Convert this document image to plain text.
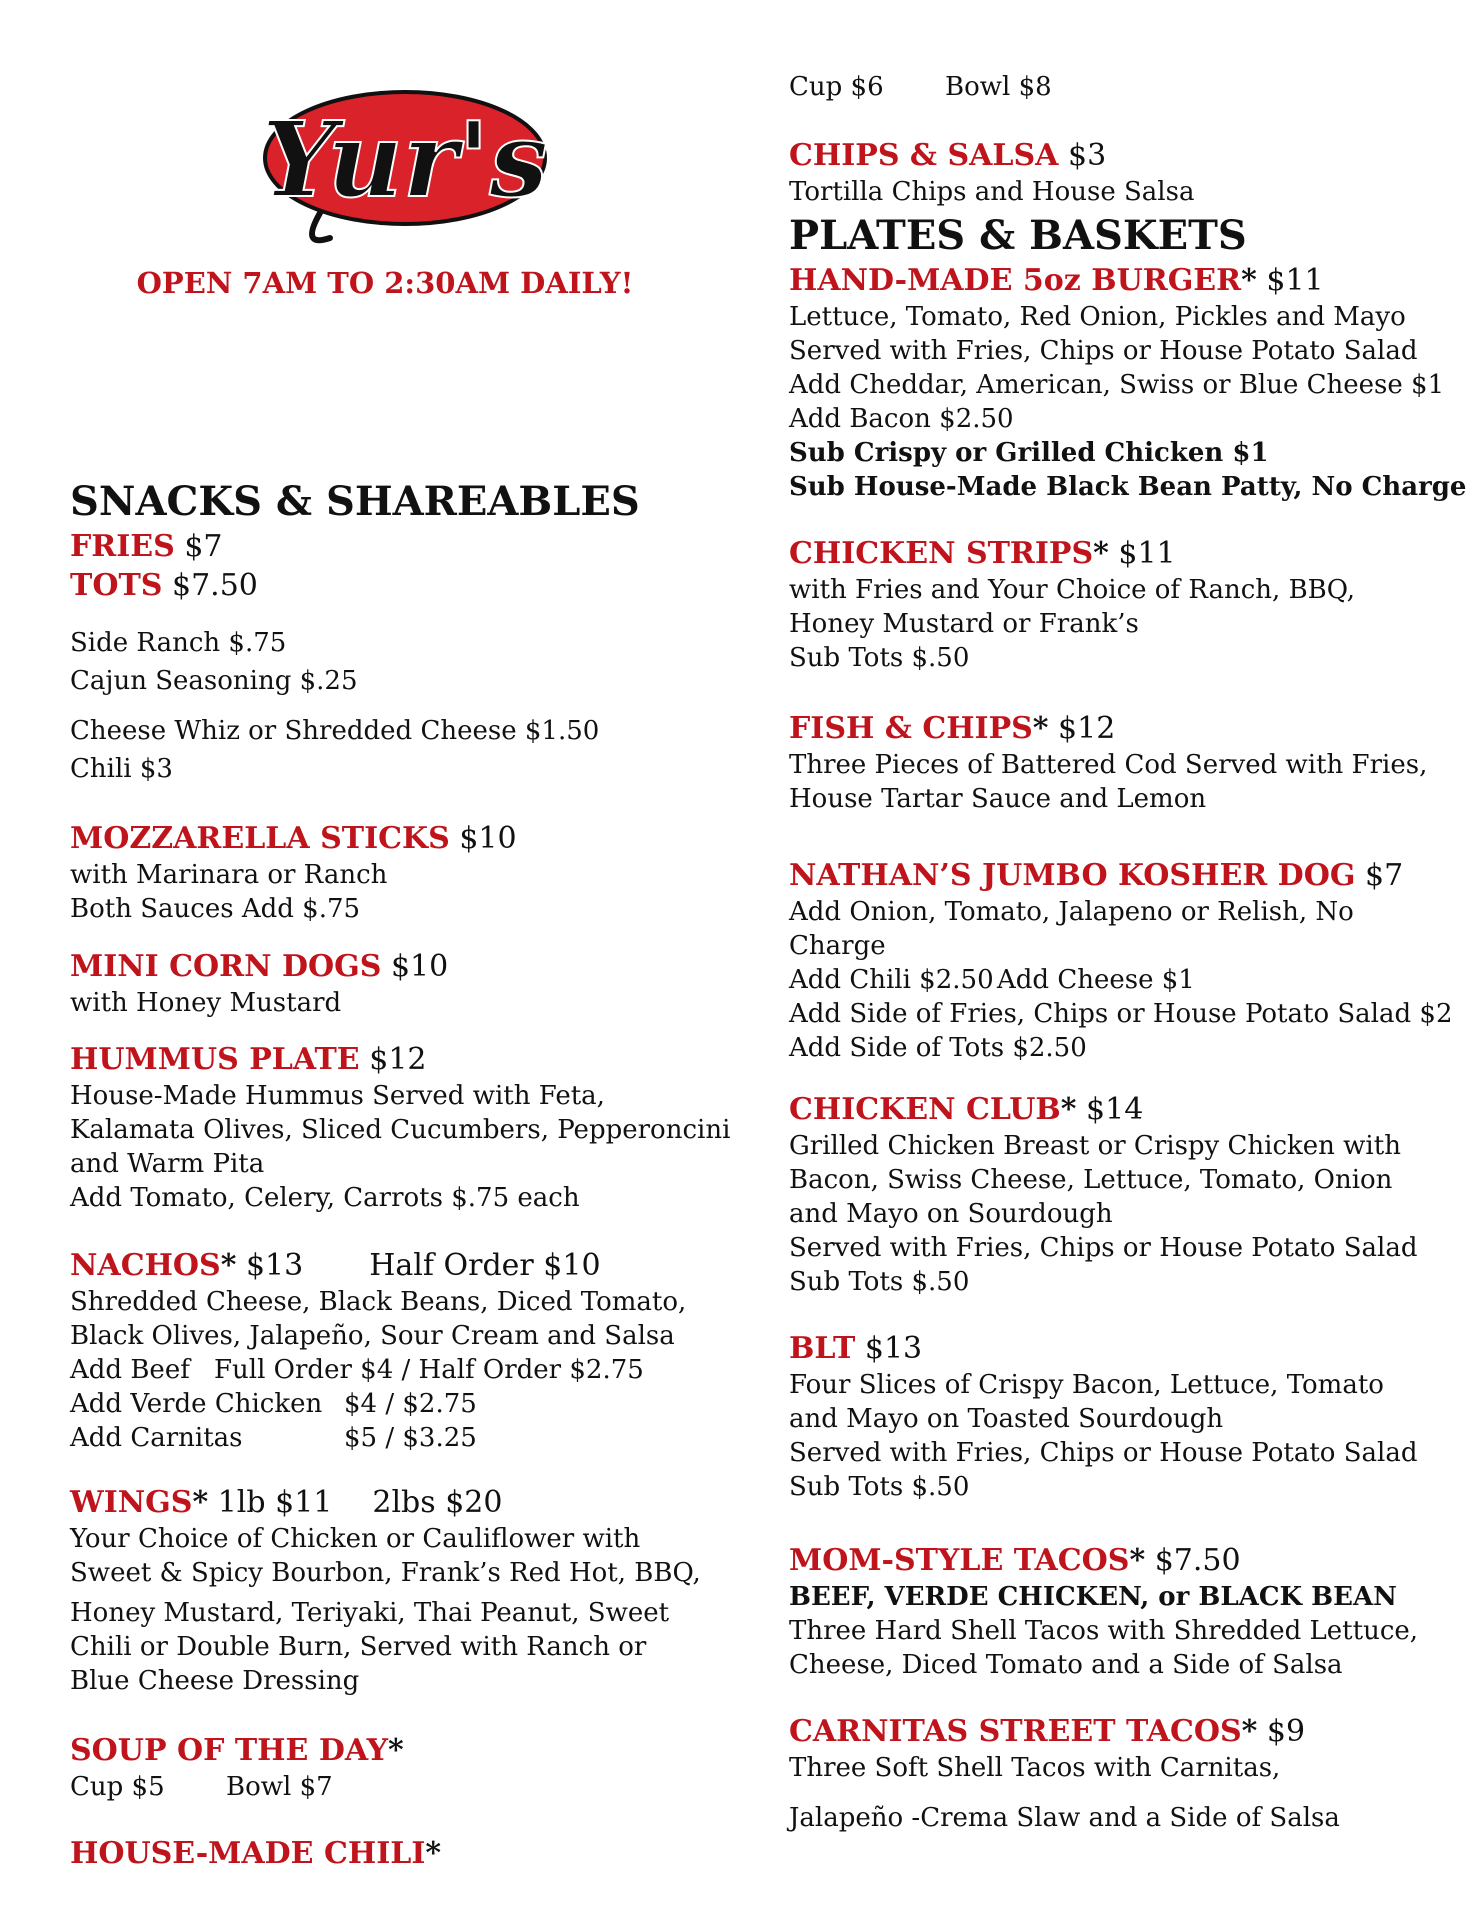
Yur's
OPEN 7AM TO 2:30AM DAILY!
SNACKS & SHAREABLES
FRIES $7
TOTS $7.50
Side Ranch $.75
Cajun Seasoning $.25
Cheese Whiz or Shredded Cheese $1.50
Chili $3
MOZZARELLA STICKS $10
with Marinara or Ranch
Both Sauces Add $.75
MINI CORN DOGS $10
with Honey Mustard
HUMMUS PLATE $12
House-Made Hummus Served with Feta,
Kalamata Olives, Sliced Cucumbers, Pepperoncini
and Warm Pita
Add Tomato, Celery, Carrots $.75 each
NACHOS* $13 Half Order $10
Shredded Cheese, Black Beans, Diced Tomato,
Black Olives, Jalapeño, Sour Cream and Salsa
Add Beef Full Order $4 / Half Order $2.75
Add Verde Chicken $4 / $2.75
Add Carnitas	$5 / $3.25
WINGS* 1lb $11 2lbs $20
Your Choice of Chicken or Cauliflower with
Sweet & Spicy Bourbon, Frank’s Red Hot, BBQ,
Honey Mustard, Teriyaki, Thai Peanut, Sweet
Chili or Double Burn, Served with Ranch or
Blue Cheese Dressing
SOUP OF THE DAY*
Cup $5 Bowl $7
HOUSE-MADE CHILI*
Cup $6 Bowl $8
CHIPS & SALSA $3
Tortilla Chips and House Salsa
PLATES & BASKETS
HAND-MADE 5oz BURGER* $11
Lettuce, Tomato, Red Onion, Pickles and Mayo
Served with Fries, Chips or House Potato Salad
Add Cheddar, American, Swiss or Blue Cheese $1
Add Bacon $2.50
Sub Crispy or Grilled Chicken $1
Sub House-Made Black Bean Patty, No Charge
CHICKEN STRIPS* $11
with Fries and Your Choice of Ranch, BBQ,
Honey Mustard or Frank’s
Sub Tots $.50
FISH & CHIPS* $12
Three Pieces of Battered Cod Served with Fries,
House Tartar Sauce and Lemon
NATHAN’S JUMBO KOSHER DOG $7
Add Onion, Tomato, Jalapeno or Relish, No
Charge
Add Chili $2.50 Add Cheese $1
Add Side of Fries, Chips or House Potato Salad $2
Add Side of Tots $2.50
CHICKEN CLUB* $14
Grilled Chicken Breast or Crispy Chicken with
Bacon, Swiss Cheese, Lettuce, Tomato, Onion
and Mayo on Sourdough
Served with Fries, Chips or House Potato Salad
Sub Tots $.50
BLT $13
Four Slices of Crispy Bacon, Lettuce, Tomato
and Mayo on Toasted Sourdough
Served with Fries, Chips or House Potato Salad
Sub Tots $.50
MOM-STYLE TACOS* $7.50
BEEF, VERDE CHICKEN, or BLACK BEAN
Three Hard Shell Tacos with Shredded Lettuce,
Cheese, Diced Tomato and a Side of Salsa
CARNITAS STREET TACOS* $9
Three Soft Shell Tacos with Carnitas,
Jalapeño -Crema Slaw and a Side of Salsa
